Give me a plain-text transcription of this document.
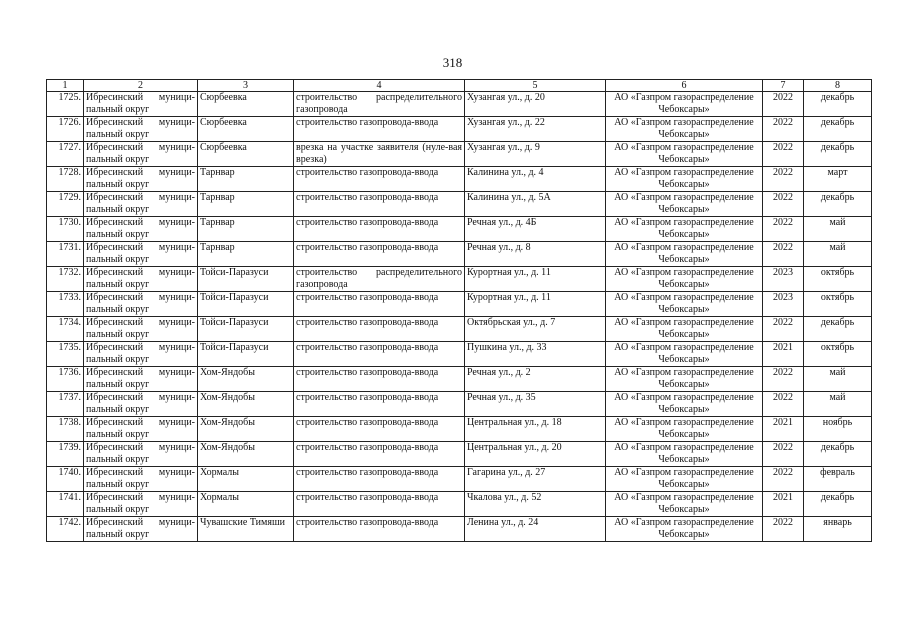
318
1	2	3	4	5	6	7	8
1725.	Ибресинский муници-пальный округ	Сюрбеевка	строительство распределительного газопровода	Хузангая ул., д. 20	АО «Газпром газораспределение Чебоксары»	2022	декабрь
1726.	Ибресинский муници-пальный округ	Сюрбеевка	строительство газопровода-ввода	Хузангая ул., д. 22	АО «Газпром газораспределение Чебоксары»	2022	декабрь
1727.	Ибресинский муници-пальный округ	Сюрбеевка	врезка на участке заявителя (нуле-вая врезка)	Хузангая ул., д. 9	АО «Газпром газораспределение Чебоксары»	2022	декабрь
1728.	Ибресинский муници-пальный округ	Тарнвар	строительство газопровода-ввода	Калинина ул., д. 4	АО «Газпром газораспределение Чебоксары»	2022	март
1729.	Ибресинский муници-пальный округ	Тарнвар	строительство газопровода-ввода	Калинина ул., д. 5А	АО «Газпром газораспределение Чебоксары»	2022	декабрь
1730.	Ибресинский муници-пальный округ	Тарнвар	строительство газопровода-ввода	Речная ул., д. 4Б	АО «Газпром газораспределение Чебоксары»	2022	май
1731.	Ибресинский муници-пальный округ	Тарнвар	строительство газопровода-ввода	Речная ул., д. 8	АО «Газпром газораспределение Чебоксары»	2022	май
1732.	Ибресинский муници-пальный округ	Тойси-Паразуси	строительство распределительного газопровода	Курортная ул., д. 11	АО «Газпром газораспределение Чебоксары»	2023	октябрь
1733.	Ибресинский муници-пальный округ	Тойси-Паразуси	строительство газопровода-ввода	Курортная ул., д. 11	АО «Газпром газораспределение Чебоксары»	2023	октябрь
1734.	Ибресинский муници-пальный округ	Тойси-Паразуси	строительство газопровода-ввода	Октябрьская ул., д. 7	АО «Газпром газораспределение Чебоксары»	2022	декабрь
1735.	Ибресинский муници-пальный округ	Тойси-Паразуси	строительство газопровода-ввода	Пушкина ул., д. 33	АО «Газпром газораспределение Чебоксары»	2021	октябрь
1736.	Ибресинский муници-пальный округ	Хом-Яндобы	строительство газопровода-ввода	Речная ул., д. 2	АО «Газпром газораспределение Чебоксары»	2022	май
1737.	Ибресинский муници-пальный округ	Хом-Яндобы	строительство газопровода-ввода	Речная ул., д. 35	АО «Газпром газораспределение Чебоксары»	2022	май
1738.	Ибресинский муници-пальный округ	Хом-Яндобы	строительство газопровода-ввода	Центральная ул., д. 18	АО «Газпром газораспределение Чебоксары»	2021	ноябрь
1739.	Ибресинский муници-пальный округ	Хом-Яндобы	строительство газопровода-ввода	Центральная ул., д. 20	АО «Газпром газораспределение Чебоксары»	2022	декабрь
1740.	Ибресинский муници-пальный округ	Хормалы	строительство газопровода-ввода	Гагарина ул., д. 27	АО «Газпром газораспределение Чебоксары»	2022	февраль
1741.	Ибресинский муници-пальный округ	Хормалы	строительство газопровода-ввода	Чкалова ул., д. 52	АО «Газпром газораспределение Чебоксары»	2021	декабрь
1742.	Ибресинский муници-пальный округ	Чувашские Тимяши	строительство газопровода-ввода	Ленина ул., д. 24	АО «Газпром газораспределение Чебоксары»	2022	январь
